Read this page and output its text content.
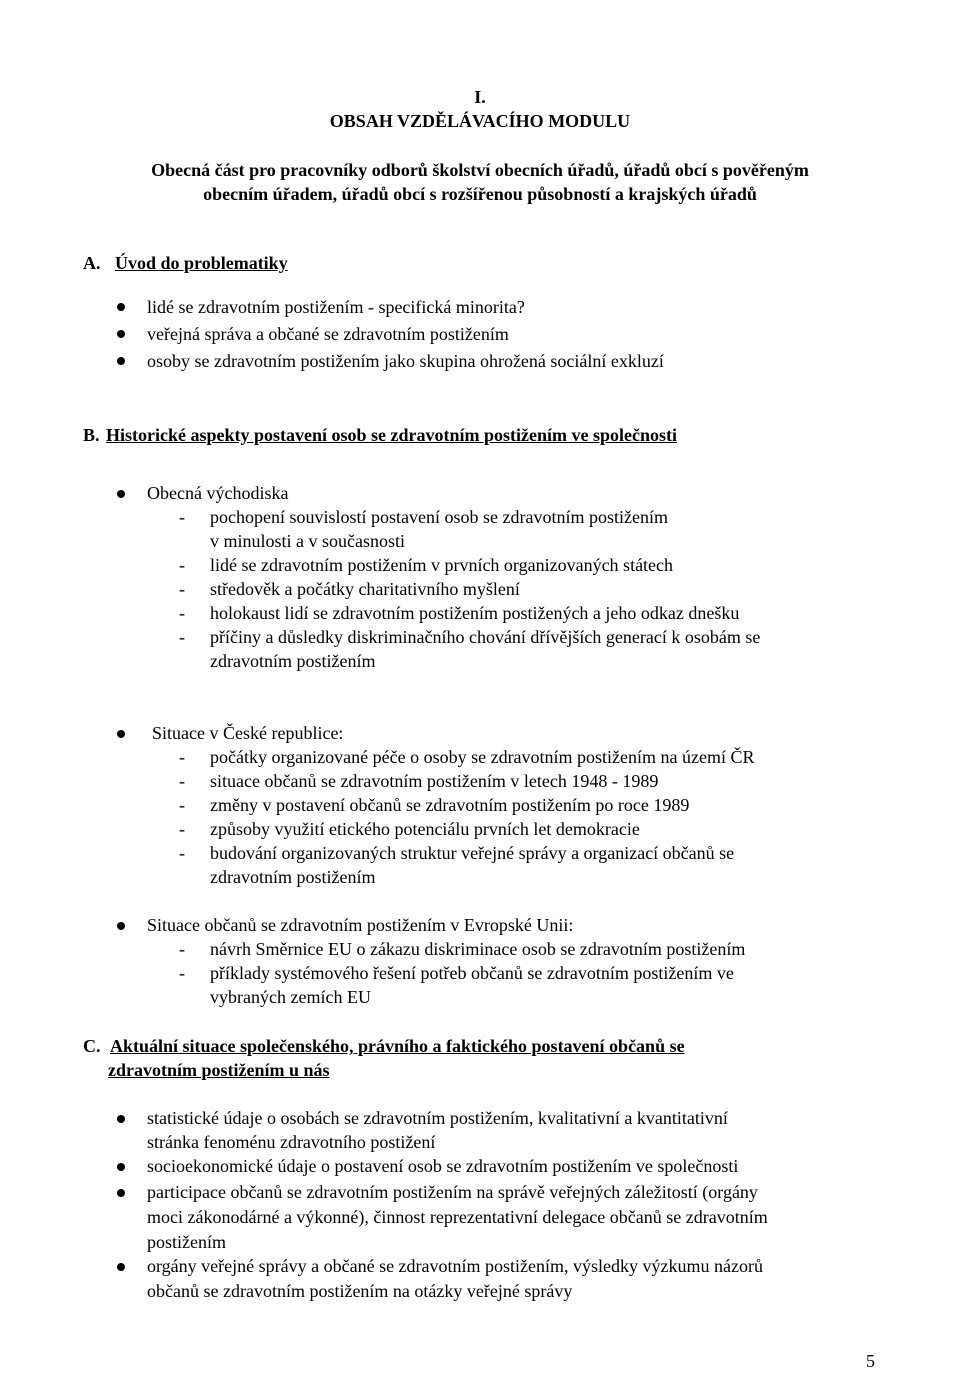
I.
OBSAH VZDĚLÁVACÍHO MODULU
Obecná část pro pracovníky odborů školství obecních úřadů, úřadů obcí s pověřeným
obecním úřadem, úřadů obcí s rozšířenou působností a krajských úřadů
A. Úvod do problematiky
lidé se zdravotním postižením - specifická minorita?
veřejná správa a občané se zdravotním postižením
osoby se zdravotním postižením jako skupina ohrožená sociální exkluzí
B. Historické aspekty postavení osob se zdravotním postižením ve společnosti
Obecná východiska
- pochopení souvislostí postavení osob se zdravotním postižením
v minulosti a v současnosti
- lidé se zdravotním postižením v prvních organizovaných státech
- středověk a počátky charitativního myšlení
- holokaust lidí se zdravotním postižením postižených a jeho odkaz dnešku
- příčiny a důsledky diskriminačního chování dřívějších generací k osobám se
zdravotním postižením
Situace v České republice:
- počátky organizované péče o osoby se zdravotním postižením na území ČR
- situace občanů se zdravotním postižením v letech 1948 - 1989
- změny v postavení občanů se zdravotním postižením po roce 1989
- způsoby využití etického potenciálu prvních let demokracie
- budování organizovaných struktur veřejné správy a organizací občanů se
zdravotním postižením
Situace občanů se zdravotním postižením v Evropské Unii:
- návrh Směrnice EU o zákazu diskriminace osob se zdravotním postižením
- příklady systémového řešení potřeb občanů se zdravotním postižením ve
vybraných zemích EU
C. Aktuální situace společenského, právního a faktického postavení občanů se
zdravotním postižením u nás
statistické údaje o osobách se zdravotním postižením, kvalitativní a kvantitativní
stránka fenoménu zdravotního postižení
socioekonomické údaje o postavení osob se zdravotním postižením ve společnosti
participace občanů se zdravotním postižením na správě veřejných záležitostí (orgány
moci zákonodárné a výkonné), činnost reprezentativní delegace občanů se zdravotním
postižením
orgány veřejné správy a občané se zdravotním postižením, výsledky výzkumu názorů
občanů se zdravotním postižením na otázky veřejné správy
5
